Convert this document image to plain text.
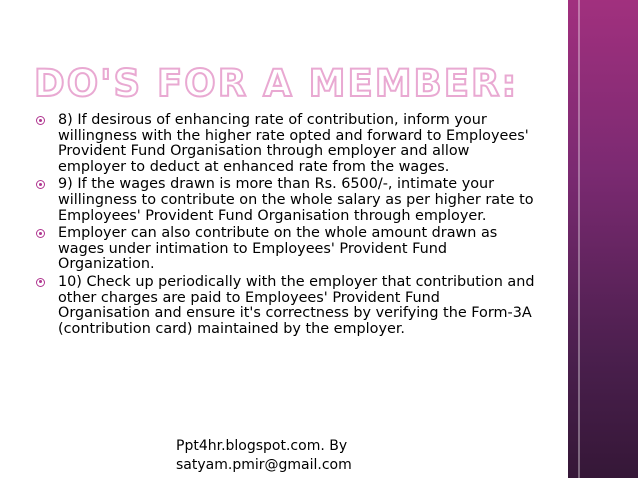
DO'S FOR A MEMBER:
8) If desirous of enhancing rate of contribution, inform your willingness with the higher rate opted and forward to Employees' Provident Fund Organisation through employer and allow employer to deduct at enhanced rate from the wages.
9) If the wages drawn is more than Rs. 6500/-, intimate your willingness to contribute on the whole salary as per higher rate to Employees' Provident Fund Organisation through employer.
Employer can also contribute on the whole amount drawn as wages under intimation to Employees' Provident Fund Organization.
10) Check up periodically with the employer that contribution and other charges are paid to Employees' Provident Fund Organisation and ensure it's correctness by verifying the Form-3A (contribution card) maintained by the employer.
Ppt4hr.blogspot.com. By
satyam.pmir@gmail.com
